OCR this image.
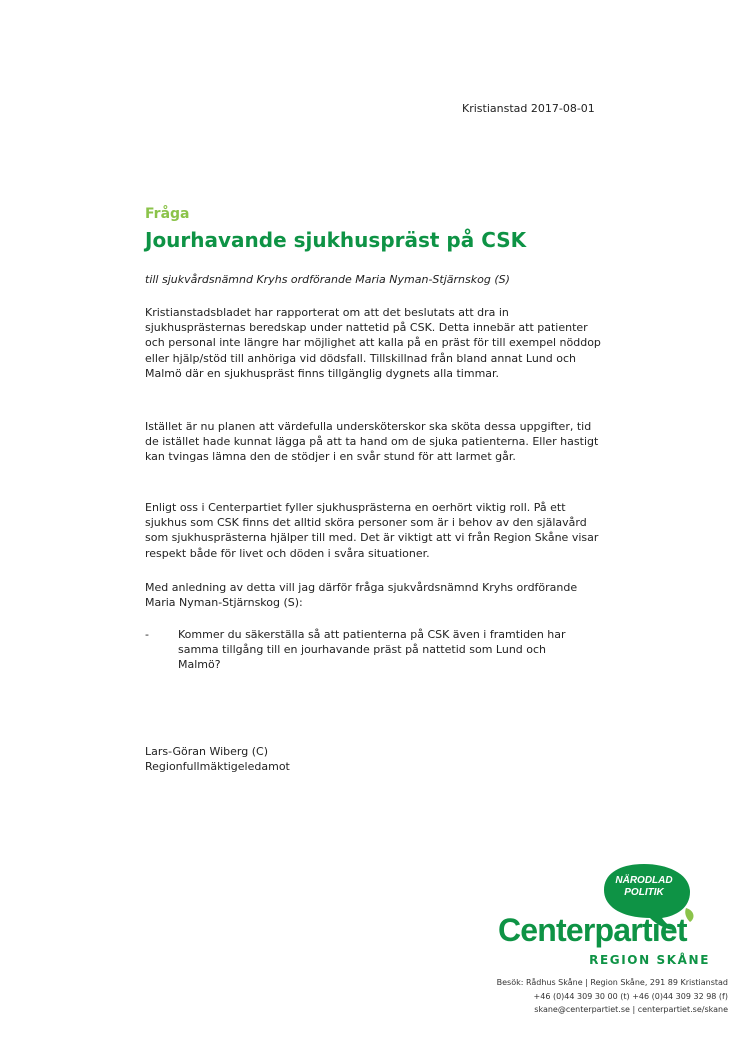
Kristianstad 2017-08-01
Fråga
Jourhavande sjukhuspräst på CSK
till sjukvårdsnämnd Kryhs ordförande Maria Nyman-Stjärnskog (S)

Kristianstadsbladet har rapporterat om att det beslutats att dra in sjukhusprästernas beredskap under nattetid på CSK. Detta innebär att patienter och personal inte längre har möjlighet att kalla på en präst för till exempel nöddop eller hjälp/stöd till anhöriga vid dödsfall. Tillskillnad från bland annat Lund och Malmö där en sjukhuspräst finns tillgänglig dygnets alla timmar.

Istället är nu planen att värdefulla undersköterskor ska sköta dessa uppgifter, tid de istället hade kunnat lägga på att ta hand om de sjuka patienterna. Eller hastigt kan tvingas lämna den de stödjer i en svår stund för att larmet går.

Enligt oss i Centerpartiet fyller sjukhusprästerna en oerhört viktig roll. På ett sjukhus som CSK finns det alltid sköra personer som är i behov av den själavård som sjukhusprästerna hjälper till med. Det är viktigt att vi från Region Skåne visar respekt både för livet och döden i svåra situationer.

Med anledning av detta vill jag därför fråga sjukvårdsnämnd Kryhs ordförande Maria Nyman-Stjärnskog (S):

-	Kommer du säkerställa så att patienterna på CSK även i framtiden har samma tillgång till en jourhavande präst på nattetid som Lund och Malmö?
Lars-Göran Wiberg (C)
Regionfullmäktigeledamot
NÄRODLAD
POLITIK
Centerpartiet
REGION SKÅNE
Besök: Rådhus Skåne | Region Skåne, 291 89 Kristianstad
+46 (0)44 309 30 00 (t) +46 (0)44 309 32 98 (f)
skane@centerpartiet.se | centerpartiet.se/skane
